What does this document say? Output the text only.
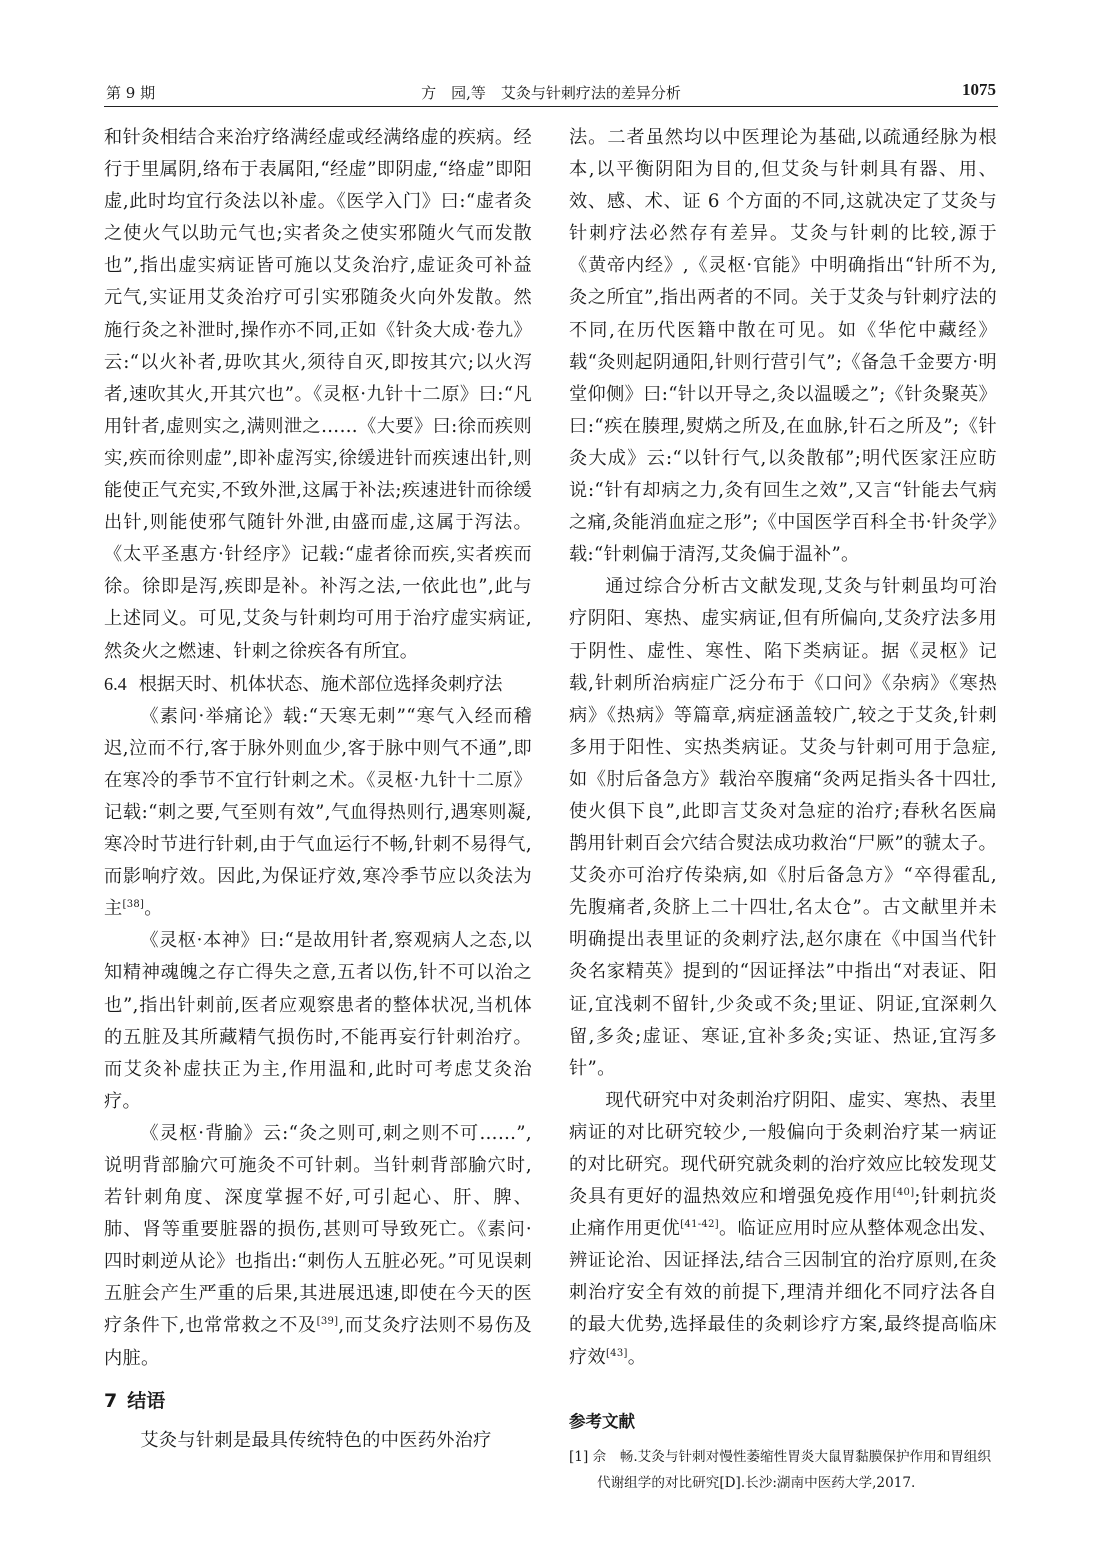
第 9 期	方　园,等　艾灸与针刺疗法的差异分析	1075

和针灸相结合来治疗络满经虚或经满络虚的疾病。经行于里属阴,络布于表属阳,“经虚”即阴虚,“络虚”即阳虚,此时均宜行灸法以补虚。《医学入门》曰:“虚者灸之使火气以助元气也;实者灸之使实邪随火气而发散也”,指出虚实病证皆可施以艾灸治疗,虚证灸可补益元气,实证用艾灸治疗可引实邪随灸火向外发散。然施行灸之补泄时,操作亦不同,正如《针灸大成·卷九》云:“以火补者,毋吹其火,须待自灭,即按其穴;以火泻者,速吹其火,开其穴也”。《灵枢·九针十二原》曰:“凡用针者,虚则实之,满则泄之……《大要》曰:徐而疾则实,疾而徐则虚”,即补虚泻实,徐缓进针而疾速出针,则能使正气充实,不致外泄,这属于补法;疾速进针而徐缓出针,则能使邪气随针外泄,由盛而虚,这属于泻法。《太平圣惠方·针经序》记载:“虚者徐而疾,实者疾而徐。徐即是泻,疾即是补。补泻之法,一依此也”,此与上述同义。可见,艾灸与针刺均可用于治疗虚实病证,然灸火之燃速、针刺之徐疾各有所宜。

6.4 根据天时、机体状态、施术部位选择灸刺疗法

《素问·举痛论》载:“天寒无刺”“寒气入经而稽迟,泣而不行,客于脉外则血少,客于脉中则气不通”,即在寒冷的季节不宜行针刺之术。《灵枢·九针十二原》记载:“刺之要,气至则有效”,气血得热则行,遇寒则凝,寒冷时节进行针刺,由于气血运行不畅,针刺不易得气,而影响疗效。因此,为保证疗效,寒冷季节应以灸法为主[38]。

《灵枢·本神》曰:“是故用针者,察观病人之态,以知精神魂魄之存亡得失之意,五者以伤,针不可以治之也”,指出针刺前,医者应观察患者的整体状况,当机体的五脏及其所藏精气损伤时,不能再妄行针刺治疗。而艾灸补虚扶正为主,作用温和,此时可考虑艾灸治疗。

《灵枢·背腧》云:“灸之则可,刺之则不可……”,说明背部腧穴可施灸不可针刺。当针刺背部腧穴时,若针刺角度、深度掌握不好,可引起心、肝、脾、肺、肾等重要脏器的损伤,甚则可导致死亡。《素问·四时刺逆从论》也指出:“刺伤人五脏必死。”可见误刺五脏会产生严重的后果,其进展迅速,即使在今天的医疗条件下,也常常救之不及[39],而艾灸疗法则不易伤及内脏。

7 结语

艾灸与针刺是最具传统特色的中医药外治疗

法。二者虽然均以中医理论为基础,以疏通经脉为根本,以平衡阴阳为目的,但艾灸与针刺具有器、用、效、感、术、证 6 个方面的不同,这就决定了艾灸与针刺疗法必然存有差异。艾灸与针刺的比较,源于《黄帝内经》,《灵枢·官能》中明确指出“针所不为,灸之所宜”,指出两者的不同。关于艾灸与针刺疗法的不同,在历代医籍中散在可见。如《华佗中藏经》载“灸则起阴通阳,针则行营引气”;《备急千金要方·明堂仰侧》曰:“针以开导之,灸以温暖之”;《针灸聚英》曰:“疾在腠理,熨焫之所及,在血脉,针石之所及”;《针灸大成》云:“以针行气,以灸散郁”;明代医家汪应昉说:“针有却病之力,灸有回生之效”,又言“针能去气病之痛,灸能消血症之形”;《中国医学百科全书·针灸学》载:“针刺偏于清泻,艾灸偏于温补”。

通过综合分析古文献发现,艾灸与针刺虽均可治疗阴阳、寒热、虚实病证,但有所偏向,艾灸疗法多用于阴性、虚性、寒性、陷下类病证。据《灵枢》记载,针刺所治病症广泛分布于《口问》《杂病》《寒热病》《热病》等篇章,病症涵盖较广,较之于艾灸,针刺多用于阳性、实热类病证。艾灸与针刺可用于急症,如《肘后备急方》载治卒腹痛“灸两足指头各十四壮,使火俱下良”,此即言艾灸对急症的治疗;春秋名医扁鹊用针刺百会穴结合熨法成功救治“尸厥”的虢太子。艾灸亦可治疗传染病,如《肘后备急方》“卒得霍乱,先腹痛者,灸脐上二十四壮,名太仓”。古文献里并未明确提出表里证的灸刺疗法,赵尔康在《中国当代针灸名家精英》提到的“因证择法”中指出“对表证、阳证,宜浅刺不留针,少灸或不灸;里证、阴证,宜深刺久留,多灸;虚证、寒证,宜补多灸;实证、热证,宜泻多针”。

现代研究中对灸刺治疗阴阳、虚实、寒热、表里病证的对比研究较少,一般偏向于灸刺治疗某一病证的对比研究。现代研究就灸刺的治疗效应比较发现艾灸具有更好的温热效应和增强免疫作用[40];针刺抗炎止痛作用更优[41-42]。临证应用时应从整体观念出发、辨证论治、因证择法,结合三因制宜的治疗原则,在灸刺治疗安全有效的前提下,理清并细化不同疗法各自的最大优势,选择最佳的灸刺诊疗方案,最终提高临床疗效[43]。

参考文献

[1] 佘　畅.艾灸与针刺对慢性萎缩性胃炎大鼠胃黏膜保护作用和胃组织代谢组学的对比研究[D].长沙:湖南中医药大学,2017.
